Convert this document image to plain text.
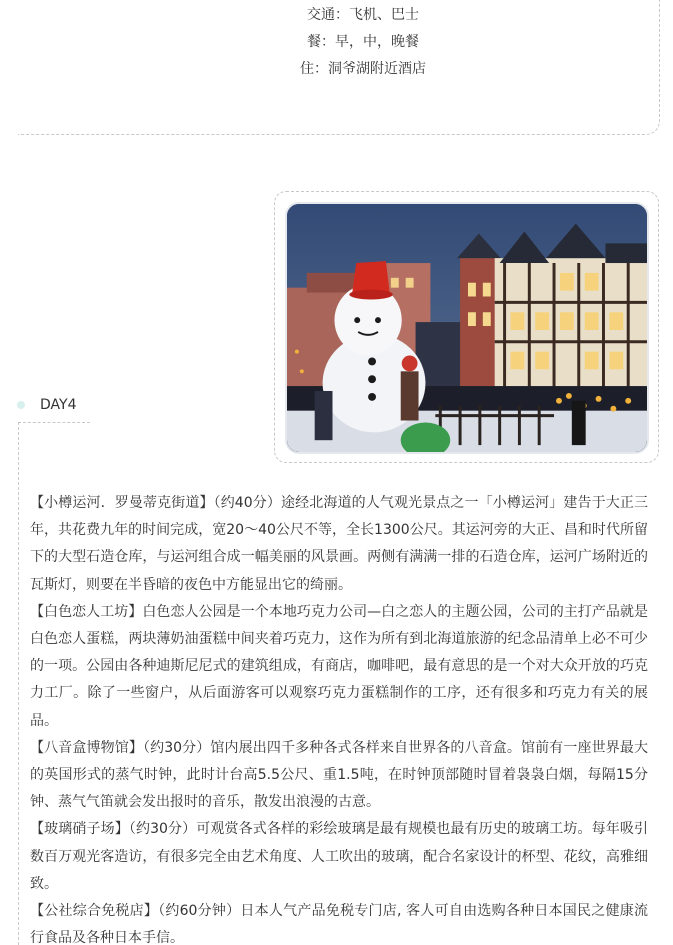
交通：飞机、巴士
餐：早，中，晚餐
住：洞爷湖附近酒店
DAY4

【小樽运河．罗曼蒂克街道】（约40分）途经北海道的人气观光景点之一「小樽运河」建告于大正三年，共花费九年的时间完成，宽20～40公尺不等，全长1300公尺。其运河旁的大正、昌和时代所留下的大型石造仓库，与运河组合成一幅美丽的风景画。两侧有满满一排的石造仓库，运河广场附近的瓦斯灯，则要在半昏暗的夜色中方能显出它的绮丽。

【白色恋人工坊】白色恋人公园是一个本地巧克力公司—白之恋人的主题公园，公司的主打产品就是白色恋人蛋糕，两块薄奶油蛋糕中间夹着巧克力，这作为所有到北海道旅游的纪念品清单上必不可少的一项。公园由各种迪斯尼尼式的建筑组成，有商店，咖啡吧，最有意思的是一个对大众开放的巧克力工厂。除了一些窗户，从后面游客可以观察巧克力蛋糕制作的工序，还有很多和巧克力有关的展品。

【八音盒博物馆】（约30分）馆内展出四千多种各式各样来自世界各的八音盒。馆前有一座世界最大的英国形式的蒸气时钟，此时计台高5.5公尺、重1.5吨，在时钟顶部随时冒着袅袅白烟，每隔15分钟、蒸气气笛就会发出报时的音乐，散发出浪漫的古意。

【玻璃硝子场】（约30分）可观赏各式各样的彩绘玻璃是最有规模也最有历史的玻璃工坊。每年吸引数百万观光客造访，有很多完全由艺术角度、人工吹出的玻璃，配合名家设计的杯型、花纹，高雅细致。

【公社综合免税店】（约60分钟）日本人气产品免税专门店, 客人可自由选购各种日本国民之健康流行食品及各种日本手信。
